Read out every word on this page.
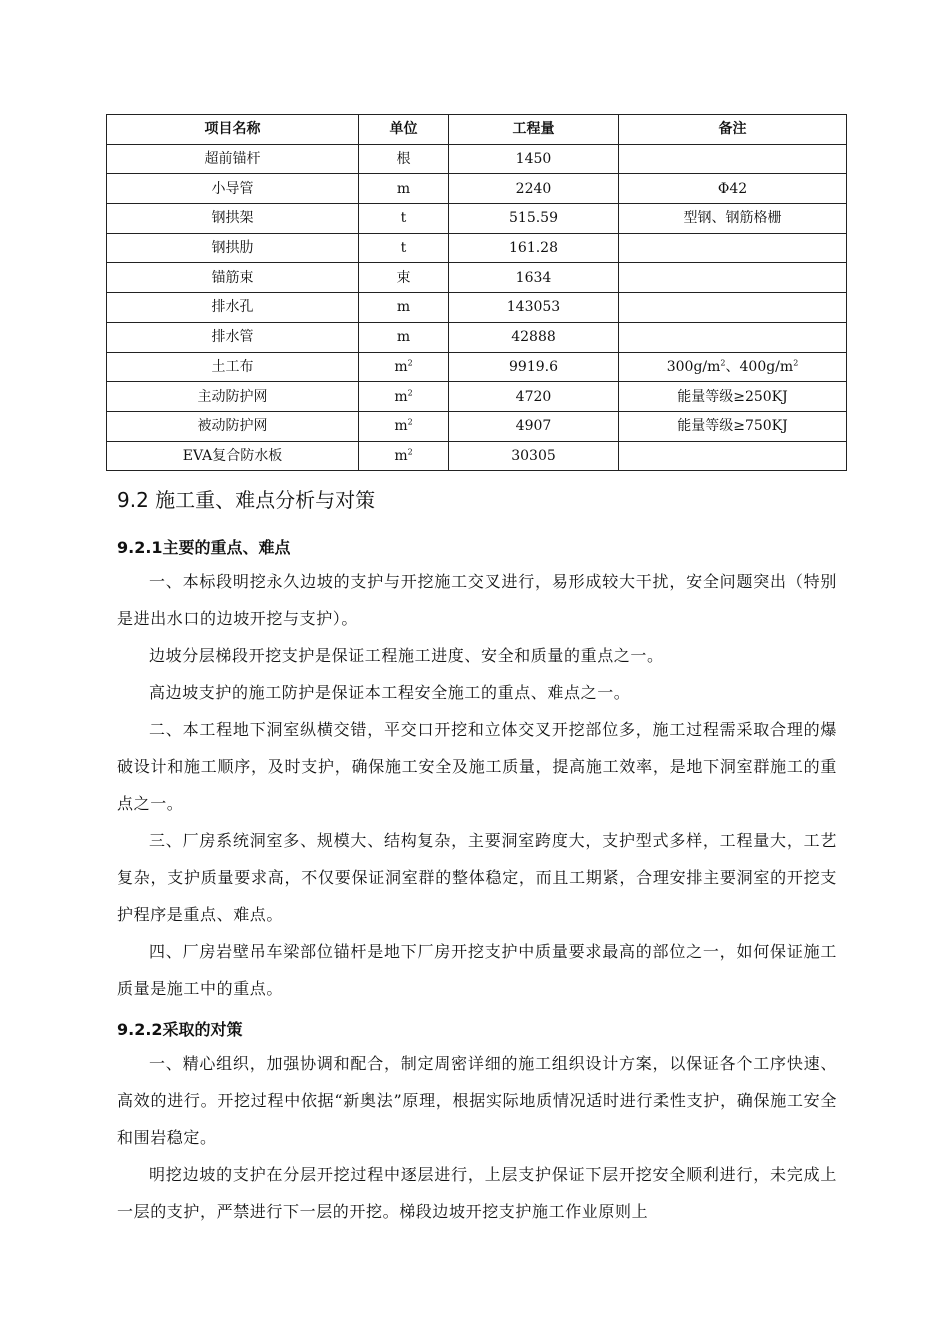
项目名称	单位	工程量	备注
超前锚杆	根	1450	
小导管	m	2240	Φ42
钢拱架	t	515.59	型钢、钢筋格栅
钢拱肋	t	161.28	
锚筋束	束	1634	
排水孔	m	143053	
排水管	m	42888	
土工布	$m^2$	9919.6	$300g/m^2$、$400g/m^2$
主动防护网	$m^2$	4720	能量等级≥250KJ
被动防护网	$m^2$	4907	能量等级≥750KJ
EVA复合防水板	$m^2$	30305	
9.2 施工重、难点分析与对策
9.2.1主要的重点、难点

一、本标段明挖永久边坡的支护与开挖施工交叉进行，易形成较大干扰，安全问题突出（特别是进出水口的边坡开挖与支护）。

边坡分层梯段开挖支护是保证工程施工进度、安全和质量的重点之一。

高边坡支护的施工防护是保证本工程安全施工的重点、难点之一。

二、本工程地下洞室纵横交错，平交口开挖和立体交叉开挖部位多，施工过程需采取合理的爆破设计和施工顺序，及时支护，确保施工安全及施工质量，提高施工效率，是地下洞室群施工的重点之一。

三、厂房系统洞室多、规模大、结构复杂，主要洞室跨度大，支护型式多样，工程量大，工艺复杂，支护质量要求高，不仅要保证洞室群的整体稳定，而且工期紧，合理安排主要洞室的开挖支护程序是重点、难点。

四、厂房岩壁吊车梁部位锚杆是地下厂房开挖支护中质量要求最高的部位之一，如何保证施工质量是施工中的重点。

9.2.2采取的对策

一、精心组织，加强协调和配合，制定周密详细的施工组织设计方案，以保证各个工序快速、高效的进行。开挖过程中依据“新奥法”原理，根据实际地质情况适时进行柔性支护，确保施工安全和围岩稳定。

明挖边坡的支护在分层开挖过程中逐层进行，上层支护保证下层开挖安全顺利进行，未完成上一层的支护，严禁进行下一层的开挖。梯段边坡开挖支护施工作业原则上
